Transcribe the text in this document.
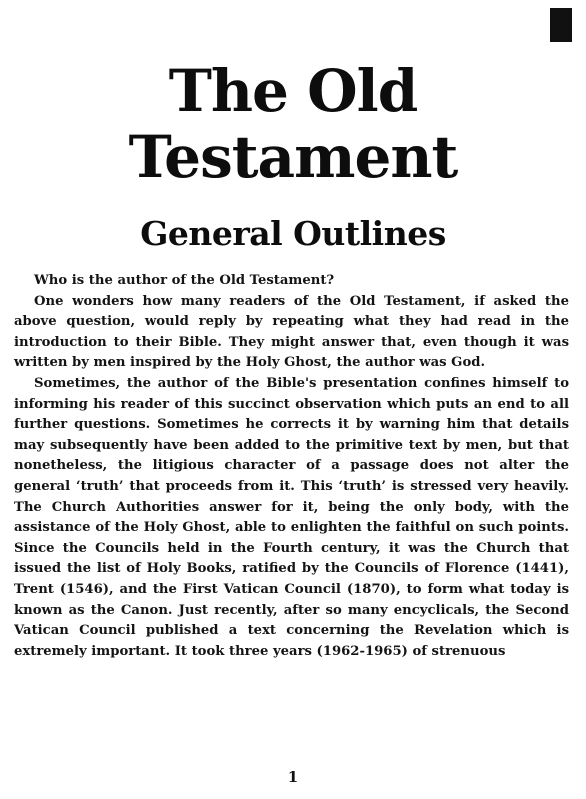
The Old
Testament
General Outlines

Who is the author of the Old Testament?

One wonders how many readers of the Old Testament, if asked the above question, would reply by repeating what they had read in the introduction to their Bible. They might answer that, even though it was written by men inspired by the Holy Ghost, the author was God.

Sometimes, the author of the Bible's presentation confines himself to informing his reader of this succinct observation which puts an end to all further questions. Sometimes he corrects it by warning him that details may subsequently have been added to the primitive text by men, but that nonetheless, the litigious character of a passage does not alter the general ‘truth’ that proceeds from it. This ‘truth’ is stressed very heavily. The Church Authorities answer for it, being the only body, with the assistance of the Holy Ghost, able to enlighten the faithful on such points. Since the Councils held in the Fourth century, it was the Church that issued the list of Holy Books, ratified by the Councils of Florence (1441), Trent (1546), and the First Vatican Council (1870), to form what today is known as the Canon. Just recently, after so many encyclicals, the Second Vatican Council published a text concerning the Revelation which is extremely important. It took three years (1962-1965) of strenuous

1
